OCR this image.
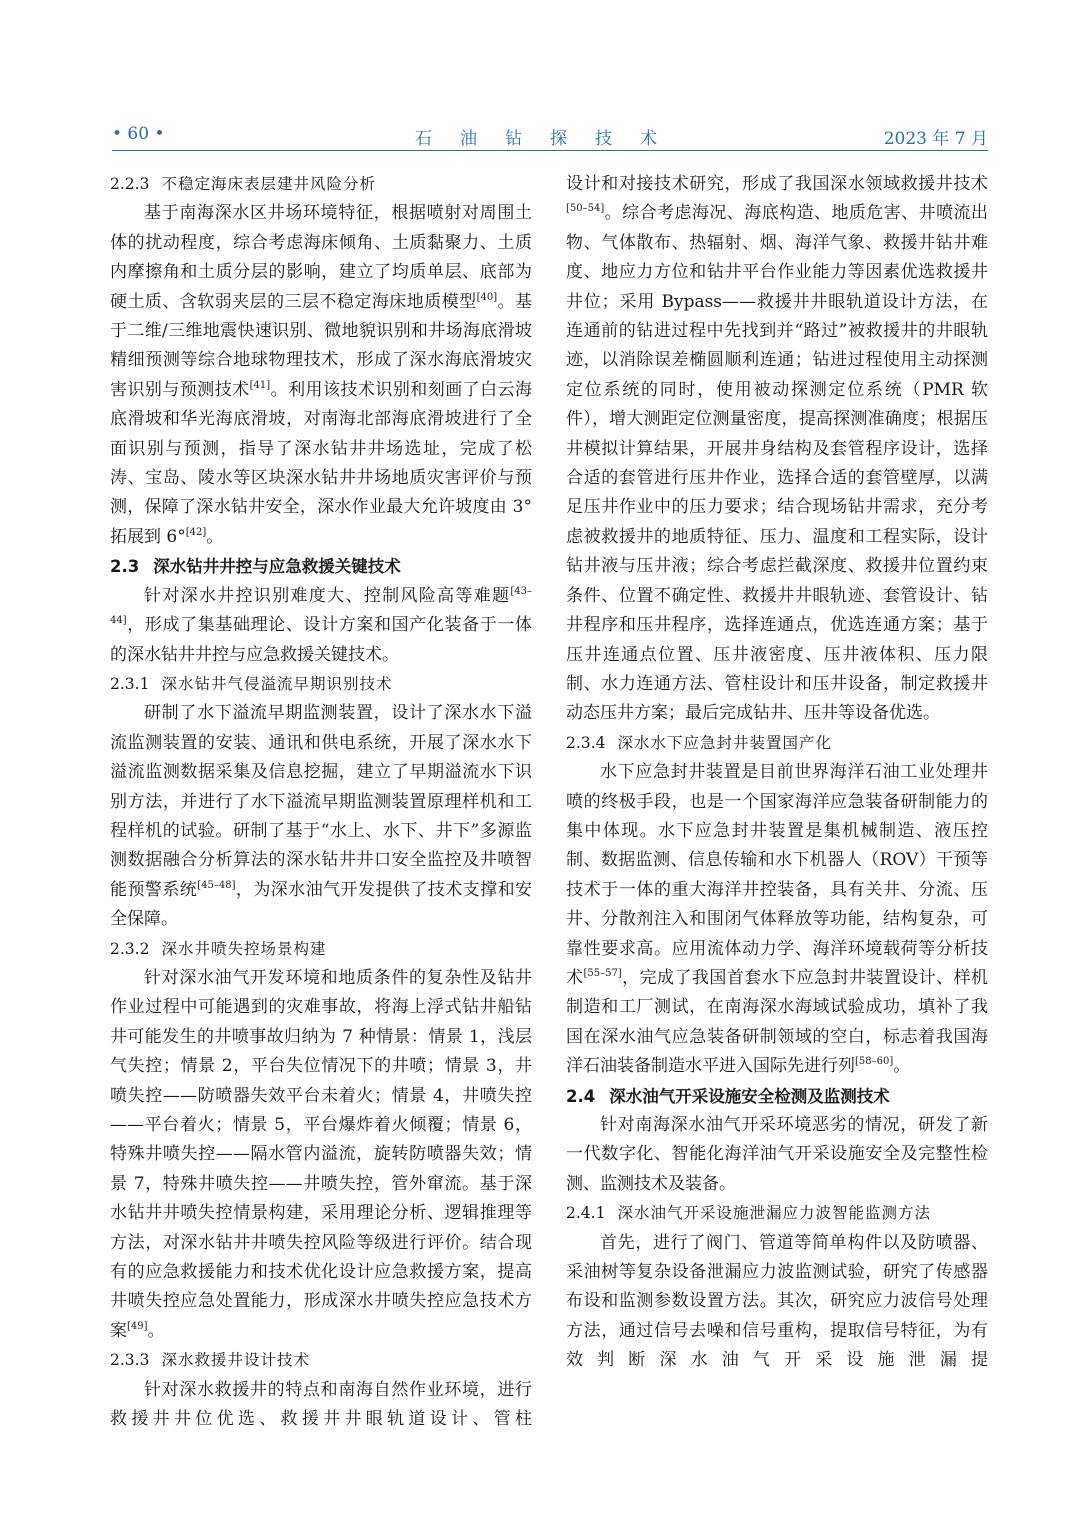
• 60 •	石油钻探技术	2023 年 7 月

2.2.3 不稳定海床表层建井风险分析

基于南海深水区井场环境特征，根据喷射对周围土体的扰动程度，综合考虑海床倾角、土质黏聚力、土质内摩擦角和土质分层的影响，建立了均质单层、底部为硬土质、含软弱夹层的三层不稳定海床地质模型[40]。基于二维/三维地震快速识别、微地貌识别和井场海底滑坡精细预测等综合地球物理技术，形成了深水海底滑坡灾害识别与预测技术[41]。利用该技术识别和刻画了白云海底滑坡和华光海底滑坡，对南海北部海底滑坡进行了全面识别与预测，指导了深水钻井井场选址，完成了松涛、宝岛、陵水等区块深水钻井井场地质灾害评价与预测，保障了深水钻井安全，深水作业最大允许坡度由 3°拓展到 6°[42]。

2.3 深水钻井井控与应急救援关键技术

针对深水井控识别难度大、控制风险高等难题[43–44]，形成了集基础理论、设计方案和国产化装备于一体的深水钻井井控与应急救援关键技术。

2.3.1 深水钻井气侵溢流早期识别技术

研制了水下溢流早期监测装置，设计了深水水下溢流监测装置的安装、通讯和供电系统，开展了深水水下溢流监测数据采集及信息挖掘，建立了早期溢流水下识别方法，并进行了水下溢流早期监测装置原理样机和工程样机的试验。研制了基于“水上、水下、井下”多源监测数据融合分析算法的深水钻井井口安全监控及井喷智能预警系统[45–48]，为深水油气开发提供了技术支撑和安全保障。

2.3.2 深水井喷失控场景构建

针对深水油气开发环境和地质条件的复杂性及钻井作业过程中可能遇到的灾难事故，将海上浮式钻井船钻井可能发生的井喷事故归纳为 7 种情景：情景 1，浅层气失控；情景 2，平台失位情况下的井喷；情景 3，井喷失控——防喷器失效平台未着火；情景 4，井喷失控——平台着火；情景 5，平台爆炸着火倾覆；情景 6，特殊井喷失控——隔水管内溢流，旋转防喷器失效；情景 7，特殊井喷失控——井喷失控，管外窜流。基于深水钻井井喷失控情景构建，采用理论分析、逻辑推理等方法，对深水钻井井喷失控风险等级进行评价。结合现有的应急救援能力和技术优化设计应急救援方案，提高井喷失控应急处置能力，形成深水井喷失控应急技术方案[49]。

2.3.3 深水救援井设计技术

针对深水救援井的特点和南海自然作业环境，进行救援井井位优选、救援井井眼轨道设计、管柱

设计和对接技术研究，形成了我国深水领域救援井技术[50–54]。综合考虑海况、海底构造、地质危害、井喷流出物、气体散布、热辐射、烟、海洋气象、救援井钻井难度、地应力方位和钻井平台作业能力等因素优选救援井井位；采用 Bypass——救援井井眼轨道设计方法，在连通前的钻进过程中先找到并“路过”被救援井的井眼轨迹，以消除误差椭圆顺利连通；钻进过程使用主动探测定位系统的同时，使用被动探测定位系统（PMR 软件），增大测距定位测量密度，提高探测准确度；根据压井模拟计算结果，开展井身结构及套管程序设计，选择合适的套管进行压井作业，选择合适的套管壁厚，以满足压井作业中的压力要求；结合现场钻井需求，充分考虑被救援井的地质特征、压力、温度和工程实际，设计钻井液与压井液；综合考虑拦截深度、救援井位置约束条件、位置不确定性、救援井井眼轨迹、套管设计、钻井程序和压井程序，选择连通点，优选连通方案；基于压井连通点位置、压井液密度、压井液体积、压力限制、水力连通方法、管柱设计和压井设备，制定救援井动态压井方案；最后完成钻井、压井等设备优选。

2.3.4 深水水下应急封井装置国产化

水下应急封井装置是目前世界海洋石油工业处理井喷的终极手段，也是一个国家海洋应急装备研制能力的集中体现。水下应急封井装置是集机械制造、液压控制、数据监测、信息传输和水下机器人（ROV）干预等技术于一体的重大海洋井控装备，具有关井、分流、压井、分散剂注入和围闭气体释放等功能，结构复杂，可靠性要求高。应用流体动力学、海洋环境载荷等分析技术[55–57]，完成了我国首套水下应急封井装置设计、样机制造和工厂测试，在南海深水海域试验成功，填补了我国在深水油气应急装备研制领域的空白，标志着我国海洋石油装备制造水平进入国际先进行列[58–60]。

2.4 深水油气开采设施安全检测及监测技术

针对南海深水油气开采环境恶劣的情况，研发了新一代数字化、智能化海洋油气开采设施安全及完整性检测、监测技术及装备。

2.4.1 深水油气开采设施泄漏应力波智能监测方法

首先，进行了阀门、管道等简单构件以及防喷器、采油树等复杂设备泄漏应力波监测试验，研究了传感器布设和监测参数设置方法。其次，研究应力波信号处理方法，通过信号去噪和信号重构，提取信号特征，为有效判断深水油气开采设施泄漏提
